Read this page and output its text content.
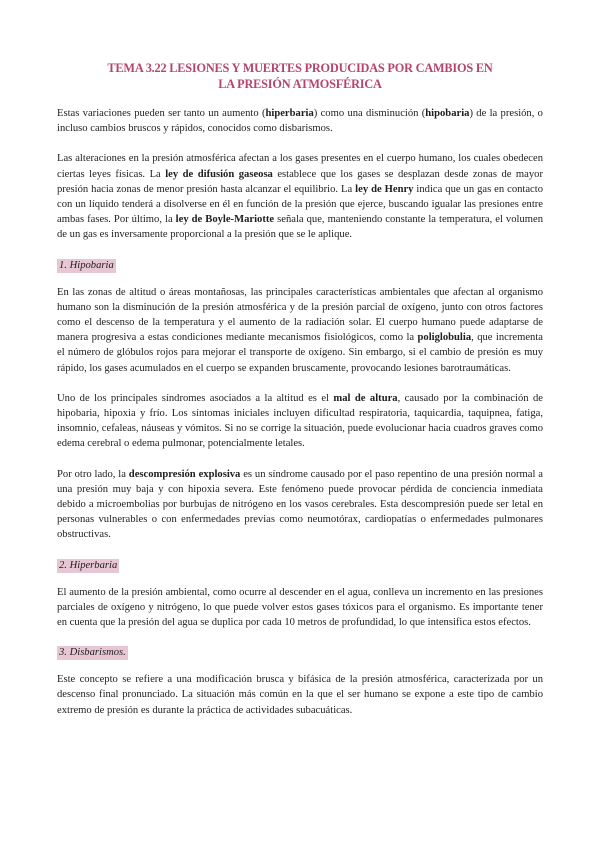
TEMA 3.22 LESIONES Y MUERTES PRODUCIDAS POR CAMBIOS EN
LA PRESIÓN ATMOSFÉRICA

Estas variaciones pueden ser tanto un aumento (hiperbaria) como una disminución (hipobaria) de la presión, o incluso cambios bruscos y rápidos, conocidos como disbarismos.

Las alteraciones en la presión atmosférica afectan a los gases presentes en el cuerpo humano, los cuales obedecen ciertas leyes físicas. La ley de difusión gaseosa establece que los gases se desplazan desde zonas de mayor presión hacia zonas de menor presión hasta alcanzar el equilibrio. La ley de Henry indica que un gas en contacto con un líquido tenderá a disolverse en él en función de la presión que ejerce, buscando igualar las presiones entre ambas fases. Por último, la ley de Boyle-Mariotte señala que, manteniendo constante la temperatura, el volumen de un gas es inversamente proporcional a la presión que se le aplique.

1. Hipobaria

En las zonas de altitud o áreas montañosas, las principales características ambientales que afectan al organismo humano son la disminución de la presión atmosférica y de la presión parcial de oxígeno, junto con otros factores como el descenso de la temperatura y el aumento de la radiación solar. El cuerpo humano puede adaptarse de manera progresiva a estas condiciones mediante mecanismos fisiológicos, como la poliglobulia, que incrementa el número de glóbulos rojos para mejorar el transporte de oxígeno. Sin embargo, si el cambio de presión es muy rápido, los gases acumulados en el cuerpo se expanden bruscamente, provocando lesiones barotraumáticas.

Uno de los principales síndromes asociados a la altitud es el mal de altura, causado por la combinación de hipobaria, hipoxia y frío. Los síntomas iniciales incluyen dificultad respiratoria, taquicardia, taquipnea, fatiga, insomnio, cefaleas, náuseas y vómitos. Si no se corrige la situación, puede evolucionar hacia cuadros graves como edema cerebral o edema pulmonar, potencialmente letales.

Por otro lado, la descompresión explosiva es un síndrome causado por el paso repentino de una presión normal a una presión muy baja y con hipoxia severa. Este fenómeno puede provocar pérdida de conciencia inmediata debido a microembolias por burbujas de nitrógeno en los vasos cerebrales. Esta descompresión puede ser letal en personas vulnerables o con enfermedades previas como neumotórax, cardiopatías o enfermedades pulmonares obstructivas.

2. Hiperbaria

El aumento de la presión ambiental, como ocurre al descender en el agua, conlleva un incremento en las presiones parciales de oxígeno y nitrógeno, lo que puede volver estos gases tóxicos para el organismo. Es importante tener en cuenta que la presión del agua se duplica por cada 10 metros de profundidad, lo que intensifica estos efectos.

3. Disbarismos.

Este concepto se refiere a una modificación brusca y bifásica de la presión atmosférica, caracterizada por un descenso final pronunciado. La situación más común en la que el ser humano se expone a este tipo de cambio extremo de presión es durante la práctica de actividades subacuáticas.
